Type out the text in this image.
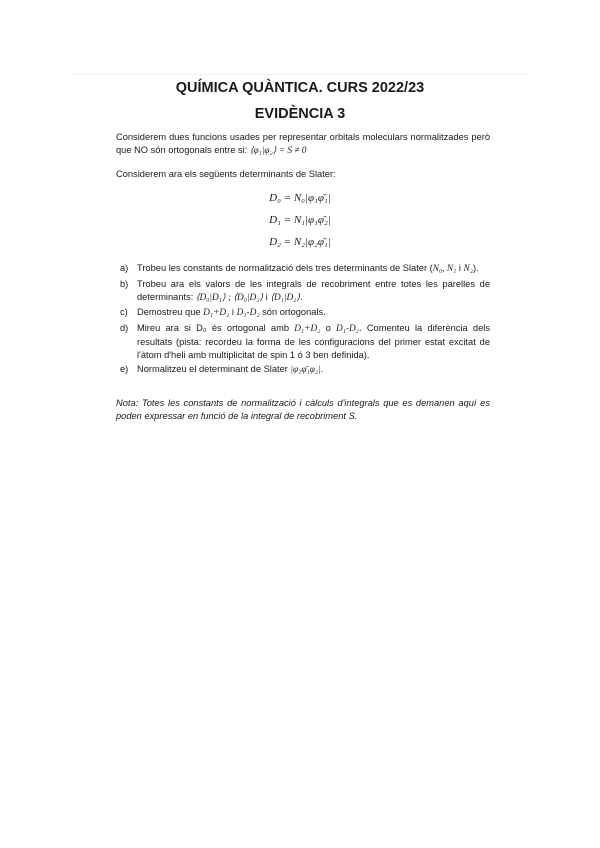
QUÍMICA QUÀNTICA. CURS 2022/23
EVIDÈNCIA 3
Considerem dues funcions usades per representar orbitals moleculars normalitzades però que NO són ortogonals entre si: ⟨φ₁|φ₂⟩ = S ≠ 0
Considerem ara els següents determinants de Slater:
D₀ = N₀|φ₁φ̄₁|
D₁ = N₁|φ₁φ̄₂|
D₂ = N₂|φ₂φ̄₁|
a) Trobeu les constants de normalització dels tres determinants de Slater (N₀, N₁ i N₂).
b) Trobeu ara els valors de les integrals de recobriment entre totes les parelles de determinants: ⟨D₀|D₁⟩ ; ⟨D₀|D₂⟩ i ⟨D₁|D₂⟩.
c) Demostreu que D₁+D₂ i D₁-D₂ són ortogonals.
d) Mireu ara si D₀ és ortogonal amb D₁+D₂ o D₁-D₂. Comenteu la diferència dels resultats (pista: recordeu la forma de les configuracions del primer estat excitat de l'àtom d'heli amb multiplicitat de spin 1 ó 3 ben definida).
e) Normalitzeu el determinant de Slater |φ₁φ̄₁φ₂|.
Nota: Totes les constants de normalització i càlculs d'integrals que es demanen aquí es poden expressar en funció de la integral de recobriment S.
